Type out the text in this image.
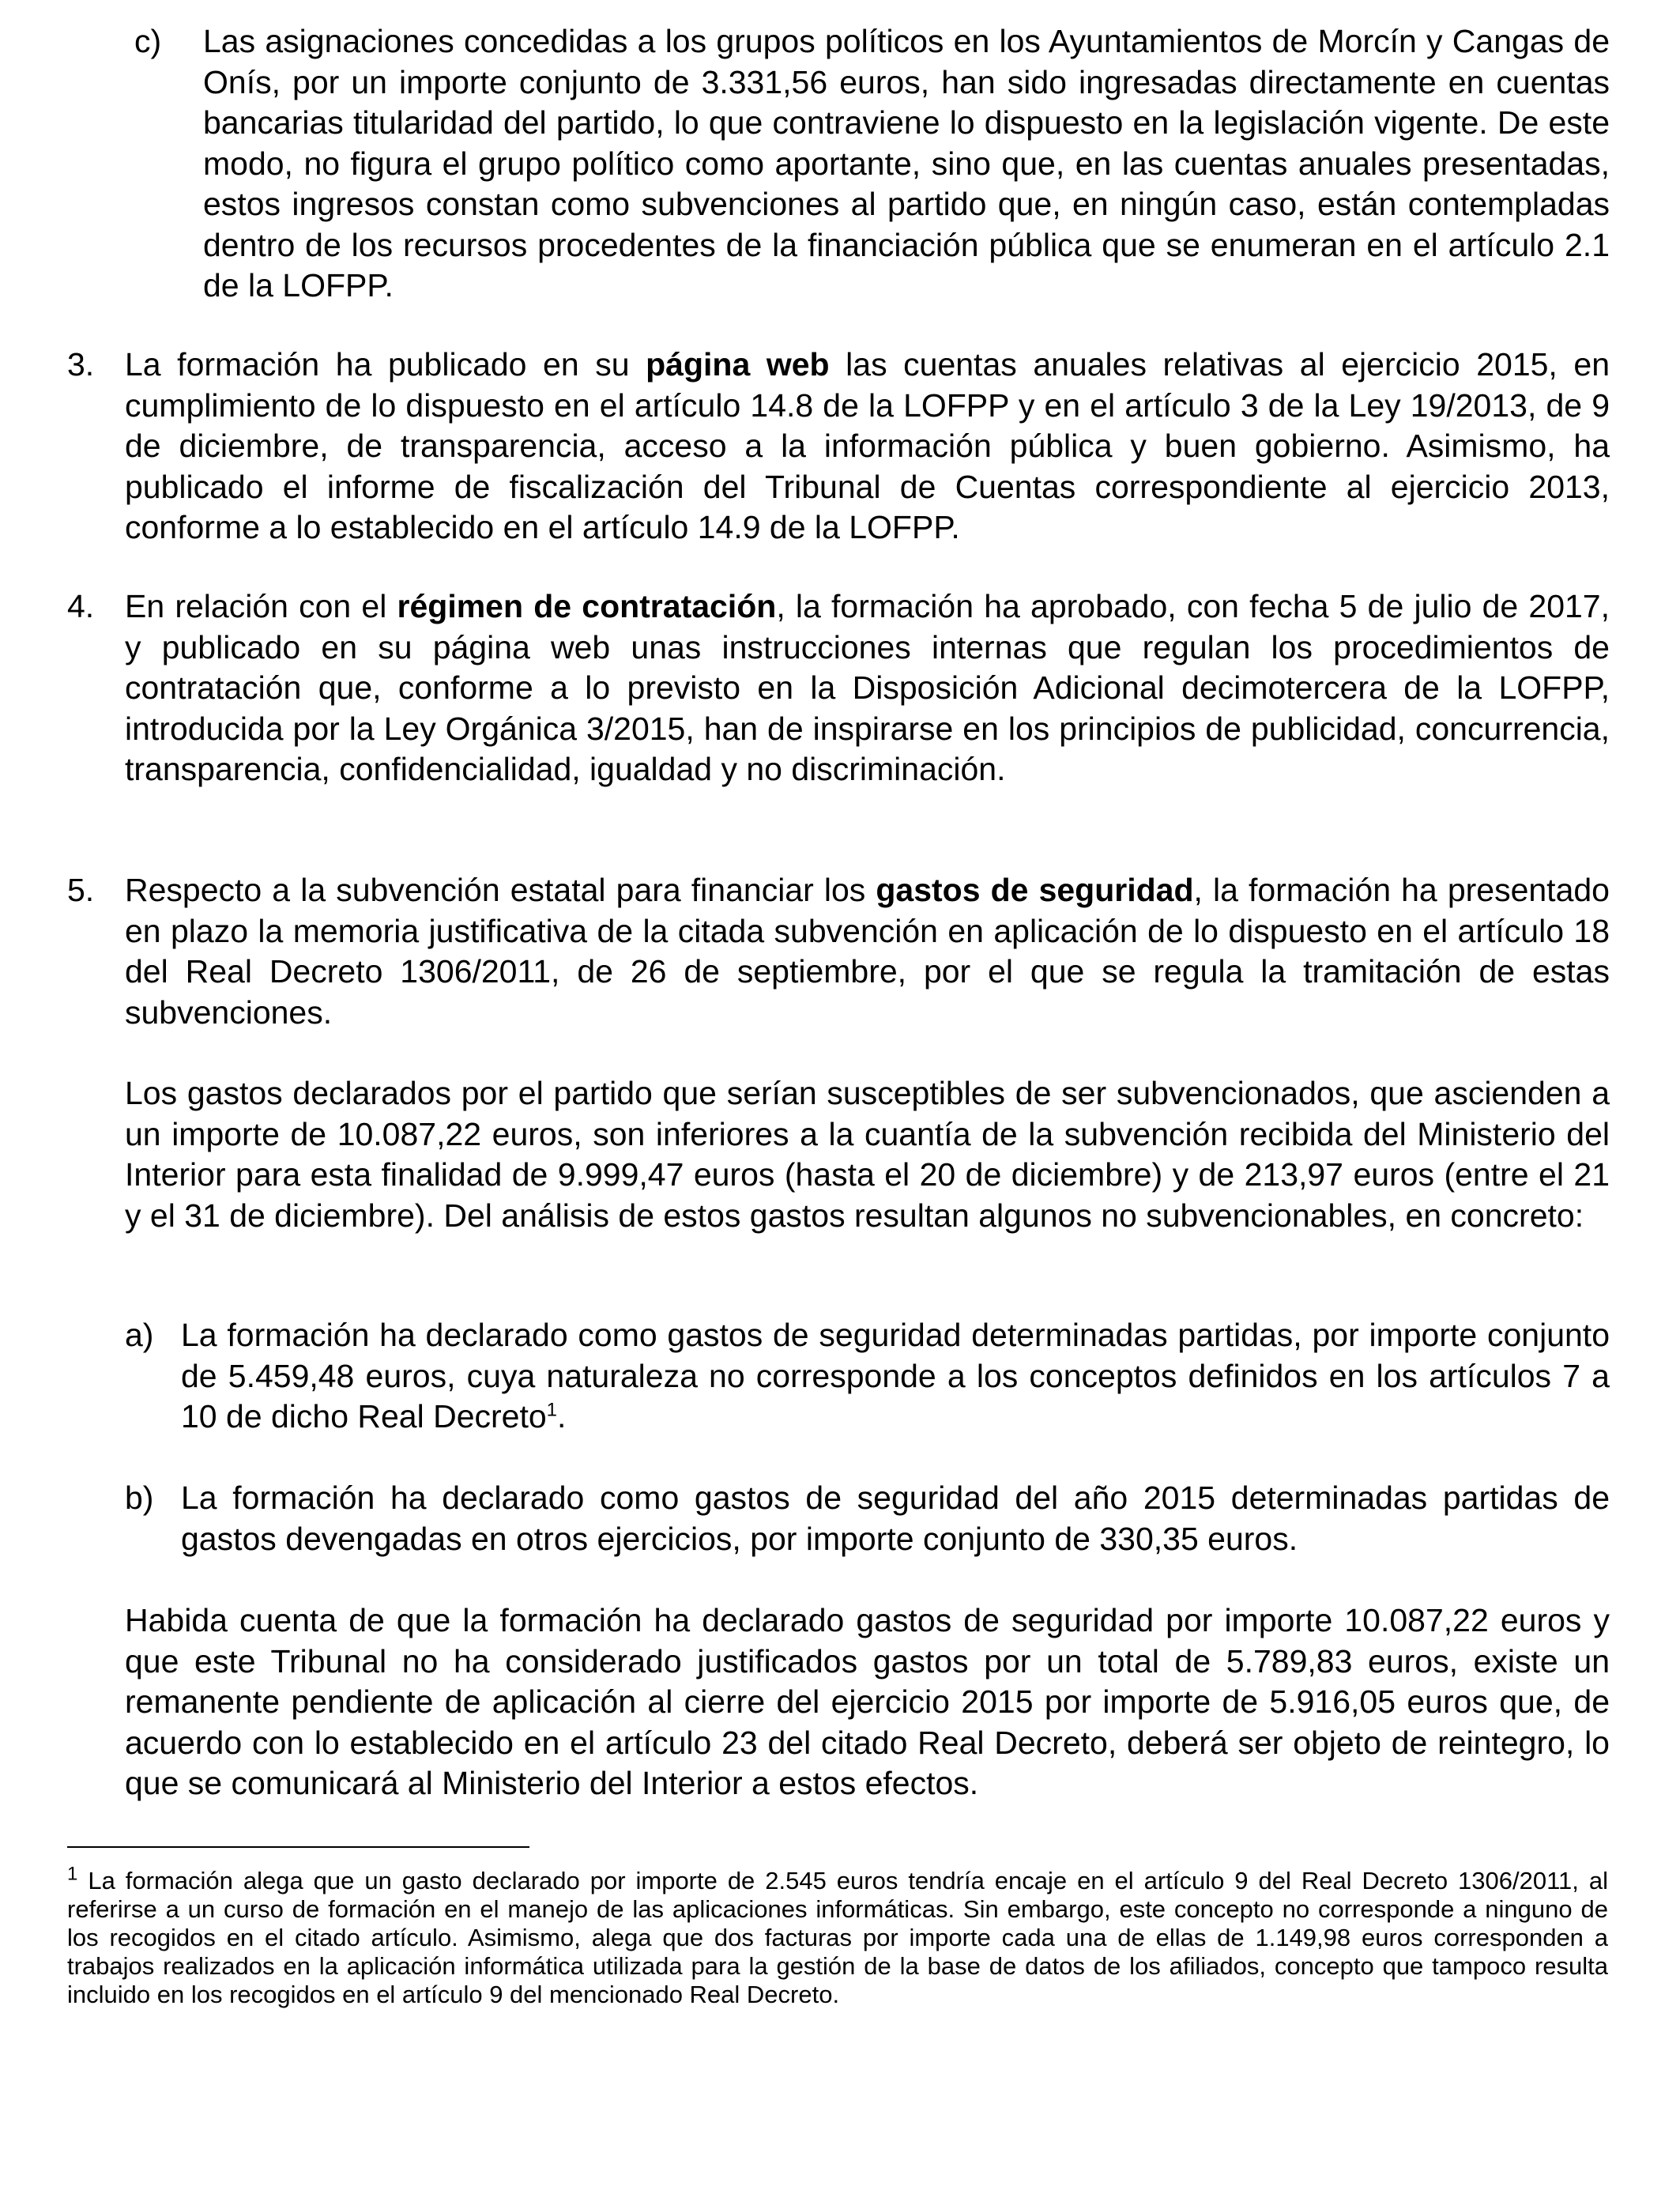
c) Las asignaciones concedidas a los grupos políticos en los Ayuntamientos de Morcín y Cangas de Onís, por un importe conjunto de 3.331,56 euros, han sido ingresadas directamente en cuentas bancarias titularidad del partido, lo que contraviene lo dispuesto en la legislación vigente. De este modo, no figura el grupo político como aportante, sino que, en las cuentas anuales presentadas, estos ingresos constan como subvenciones al partido que, en ningún caso, están contempladas dentro de los recursos procedentes de la financiación pública que se enumeran en el artículo 2.1 de la LOFPP.
3. La formación ha publicado en su página web las cuentas anuales relativas al ejercicio 2015, en cumplimiento de lo dispuesto en el artículo 14.8 de la LOFPP y en el artículo 3 de la Ley 19/2013, de 9 de diciembre, de transparencia, acceso a la información pública y buen gobierno. Asimismo, ha publicado el informe de fiscalización del Tribunal de Cuentas correspondiente al ejercicio 2013, conforme a lo establecido en el artículo 14.9 de la LOFPP.
4. En relación con el régimen de contratación, la formación ha aprobado, con fecha 5 de julio de 2017, y publicado en su página web unas instrucciones internas que regulan los procedimientos de contratación que, conforme a lo previsto en la Disposición Adicional decimotercera de la LOFPP, introducida por la Ley Orgánica 3/2015, han de inspirarse en los principios de publicidad, concurrencia, transparencia, confidencialidad, igualdad y no discriminación.
5. Respecto a la subvención estatal para financiar los gastos de seguridad, la formación ha presentado en plazo la memoria justificativa de la citada subvención en aplicación de lo dispuesto en el artículo 18 del Real Decreto 1306/2011, de 26 de septiembre, por el que se regula la tramitación de estas subvenciones.
Los gastos declarados por el partido que serían susceptibles de ser subvencionados, que ascienden a un importe de 10.087,22 euros, son inferiores a la cuantía de la subvención recibida del Ministerio del Interior para esta finalidad de 9.999,47 euros (hasta el 20 de diciembre) y de 213,97 euros (entre el 21 y el 31 de diciembre). Del análisis de estos gastos resultan algunos no subvencionables, en concreto:
a) La formación ha declarado como gastos de seguridad determinadas partidas, por importe conjunto de 5.459,48 euros, cuya naturaleza no corresponde a los conceptos definidos en los artículos 7 a 10 de dicho Real Decreto$^1$.
b) La formación ha declarado como gastos de seguridad del año 2015 determinadas partidas de gastos devengadas en otros ejercicios, por importe conjunto de 330,35 euros.
Habida cuenta de que la formación ha declarado gastos de seguridad por importe 10.087,22 euros y que este Tribunal no ha considerado justificados gastos por un total de 5.789,83 euros, existe un remanente pendiente de aplicación al cierre del ejercicio 2015 por importe de 5.916,05 euros que, de acuerdo con lo establecido en el artículo 23 del citado Real Decreto, deberá ser objeto de reintegro, lo que se comunicará al Ministerio del Interior a estos efectos.
$^1$ La formación alega que un gasto declarado por importe de 2.545 euros tendría encaje en el artículo 9 del Real Decreto 1306/2011, al referirse a un curso de formación en el manejo de las aplicaciones informáticas. Sin embargo, este concepto no corresponde a ninguno de los recogidos en el citado artículo. Asimismo, alega que dos facturas por importe cada una de ellas de 1.149,98 euros corresponden a trabajos realizados en la aplicación informática utilizada para la gestión de la base de datos de los afiliados, concepto que tampoco resulta incluido en los recogidos en el artículo 9 del mencionado Real Decreto.
